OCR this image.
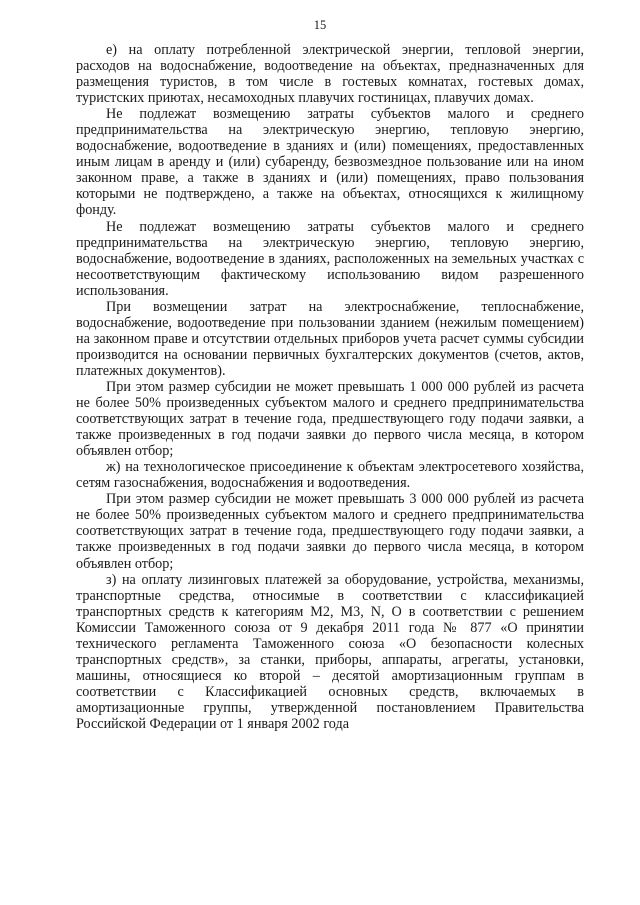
15

е) на оплату потребленной электрической энергии, тепловой энергии, расходов на водоснабжение, водоотведение на объектах, предназначенных для размещения туристов, в том числе в гостевых комнатах, гостевых домах, туристских приютах, несамоходных плавучих гостиницах, плавучих домах.

Не подлежат возмещению затраты субъектов малого и среднего предпринимательства на электрическую энергию, тепловую энергию, водоснабжение, водоотведение в зданиях и (или) помещениях, предоставленных иным лицам в аренду и (или) субаренду, безвозмездное пользование или на ином законном праве, а также в зданиях и (или) помещениях, право пользования которыми не подтверждено, а также на объектах, относящихся к жилищному фонду.

Не подлежат возмещению затраты субъектов малого и среднего предпринимательства на электрическую энергию, тепловую энергию, водоснабжение, водоотведение в зданиях, расположенных на земельных участках с несоответствующим фактическому использованию видом разрешенного использования.

При возмещении затрат на электроснабжение, теплоснабжение, водоснабжение, водоотведение при пользовании зданием (нежилым помещением) на законном праве и отсутствии отдельных приборов учета расчет суммы субсидии производится на основании первичных бухгалтерских документов (счетов, актов, платежных документов).

При этом размер субсидии не может превышать 1 000 000 рублей из расчета не более 50% произведенных субъектом малого и среднего предпринимательства соответствующих затрат в течение года, предшествующего году подачи заявки, а также произведенных в год подачи заявки до первого числа месяца, в котором объявлен отбор;

ж) на технологическое присоединение к объектам электросетевого хозяйства, сетям газоснабжения, водоснабжения и водоотведения.

При этом размер субсидии не может превышать 3 000 000 рублей из расчета не более 50% произведенных субъектом малого и среднего предпринимательства соответствующих затрат в течение года, предшествующего году подачи заявки, а также произведенных в год подачи заявки до первого числа месяца, в котором объявлен отбор;

з) на оплату лизинговых платежей за оборудование, устройства, механизмы, транспортные средства, относимые в соответствии с классификацией транспортных средств к категориям M2, M3, N, O в соответствии с решением Комиссии Таможенного союза от 9 декабря 2011 года № 877 «О принятии технического регламента Таможенного союза «О безопасности колесных транспортных средств», за станки, приборы, аппараты, агрегаты, установки, машины, относящиеся ко второй – десятой амортизационным группам в соответствии с Классификацией основных средств, включаемых в амортизационные группы, утвержденной постановлением Правительства Российской Федерации от 1 января 2002 года
